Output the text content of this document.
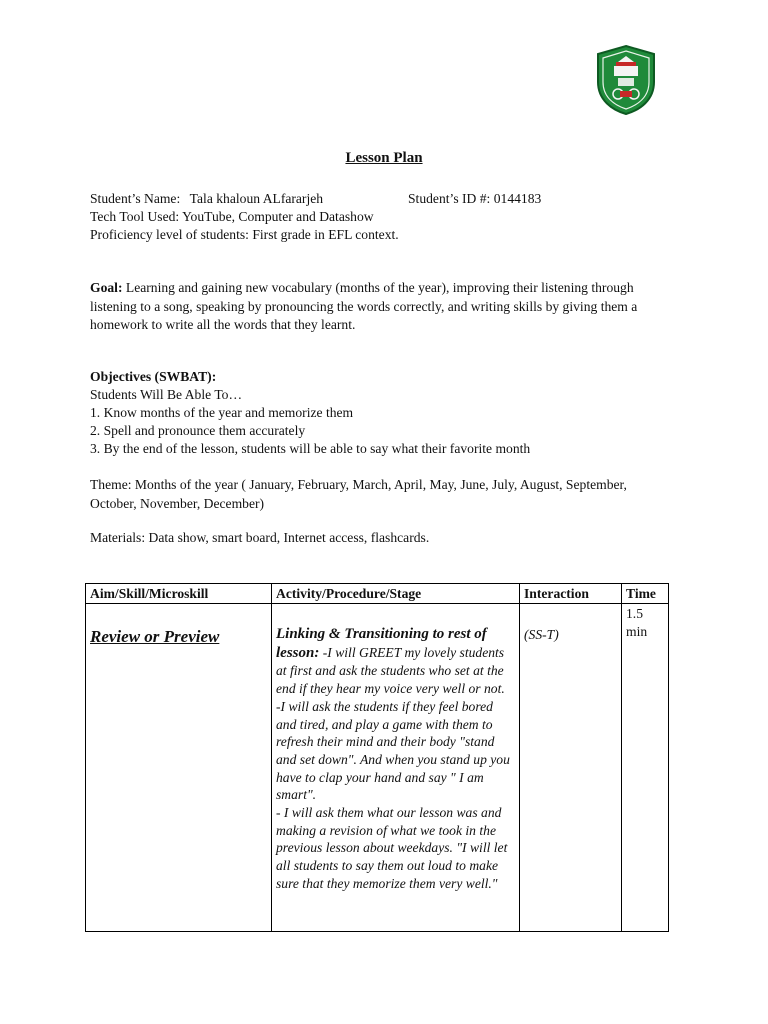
Lesson Plan
Student’s Name: Tala khaloun ALfararjeh	Student’s ID #: 0144183
Tech Tool Used: YouTube, Computer and Datashow
Proficiency level of students: First grade in EFL context.
Goal: Learning and gaining new vocabulary (months of the year), improving their listening through listening to a song, speaking by pronouncing the words correctly, and writing skills by giving them a homework to write all the words that they learnt.
Objectives (SWBAT):
Students Will Be Able To…
1. Know months of the year and memorize them
2. Spell and pronounce them accurately
3. By the end of the lesson, students will be able to say what their favorite month
Theme: Months of the year ( January, February, March, April, May, June, July, August, September, October, November, December)
Materials: Data show, smart board, Internet access, flashcards.
Aim/Skill/Microskill	Activity/Procedure/Stage	Interaction	Time

Review or Preview	Linking & Transitioning to rest of lesson: -I will GREET my lovely students at first and ask the students who set at the end if they hear my voice very well or not.

-I will ask the students if they feel bored and tired, and play a game with them to refresh their mind and their body "stand and set down". And when you stand up you have to clap your hand and say " I am smart".

- I will ask them what our lesson was and making a revision of what we took in the previous lesson about weekdays. "I will let all students to say them out loud to make sure that they memorize them very well."	(SS-T)	1.5 min
